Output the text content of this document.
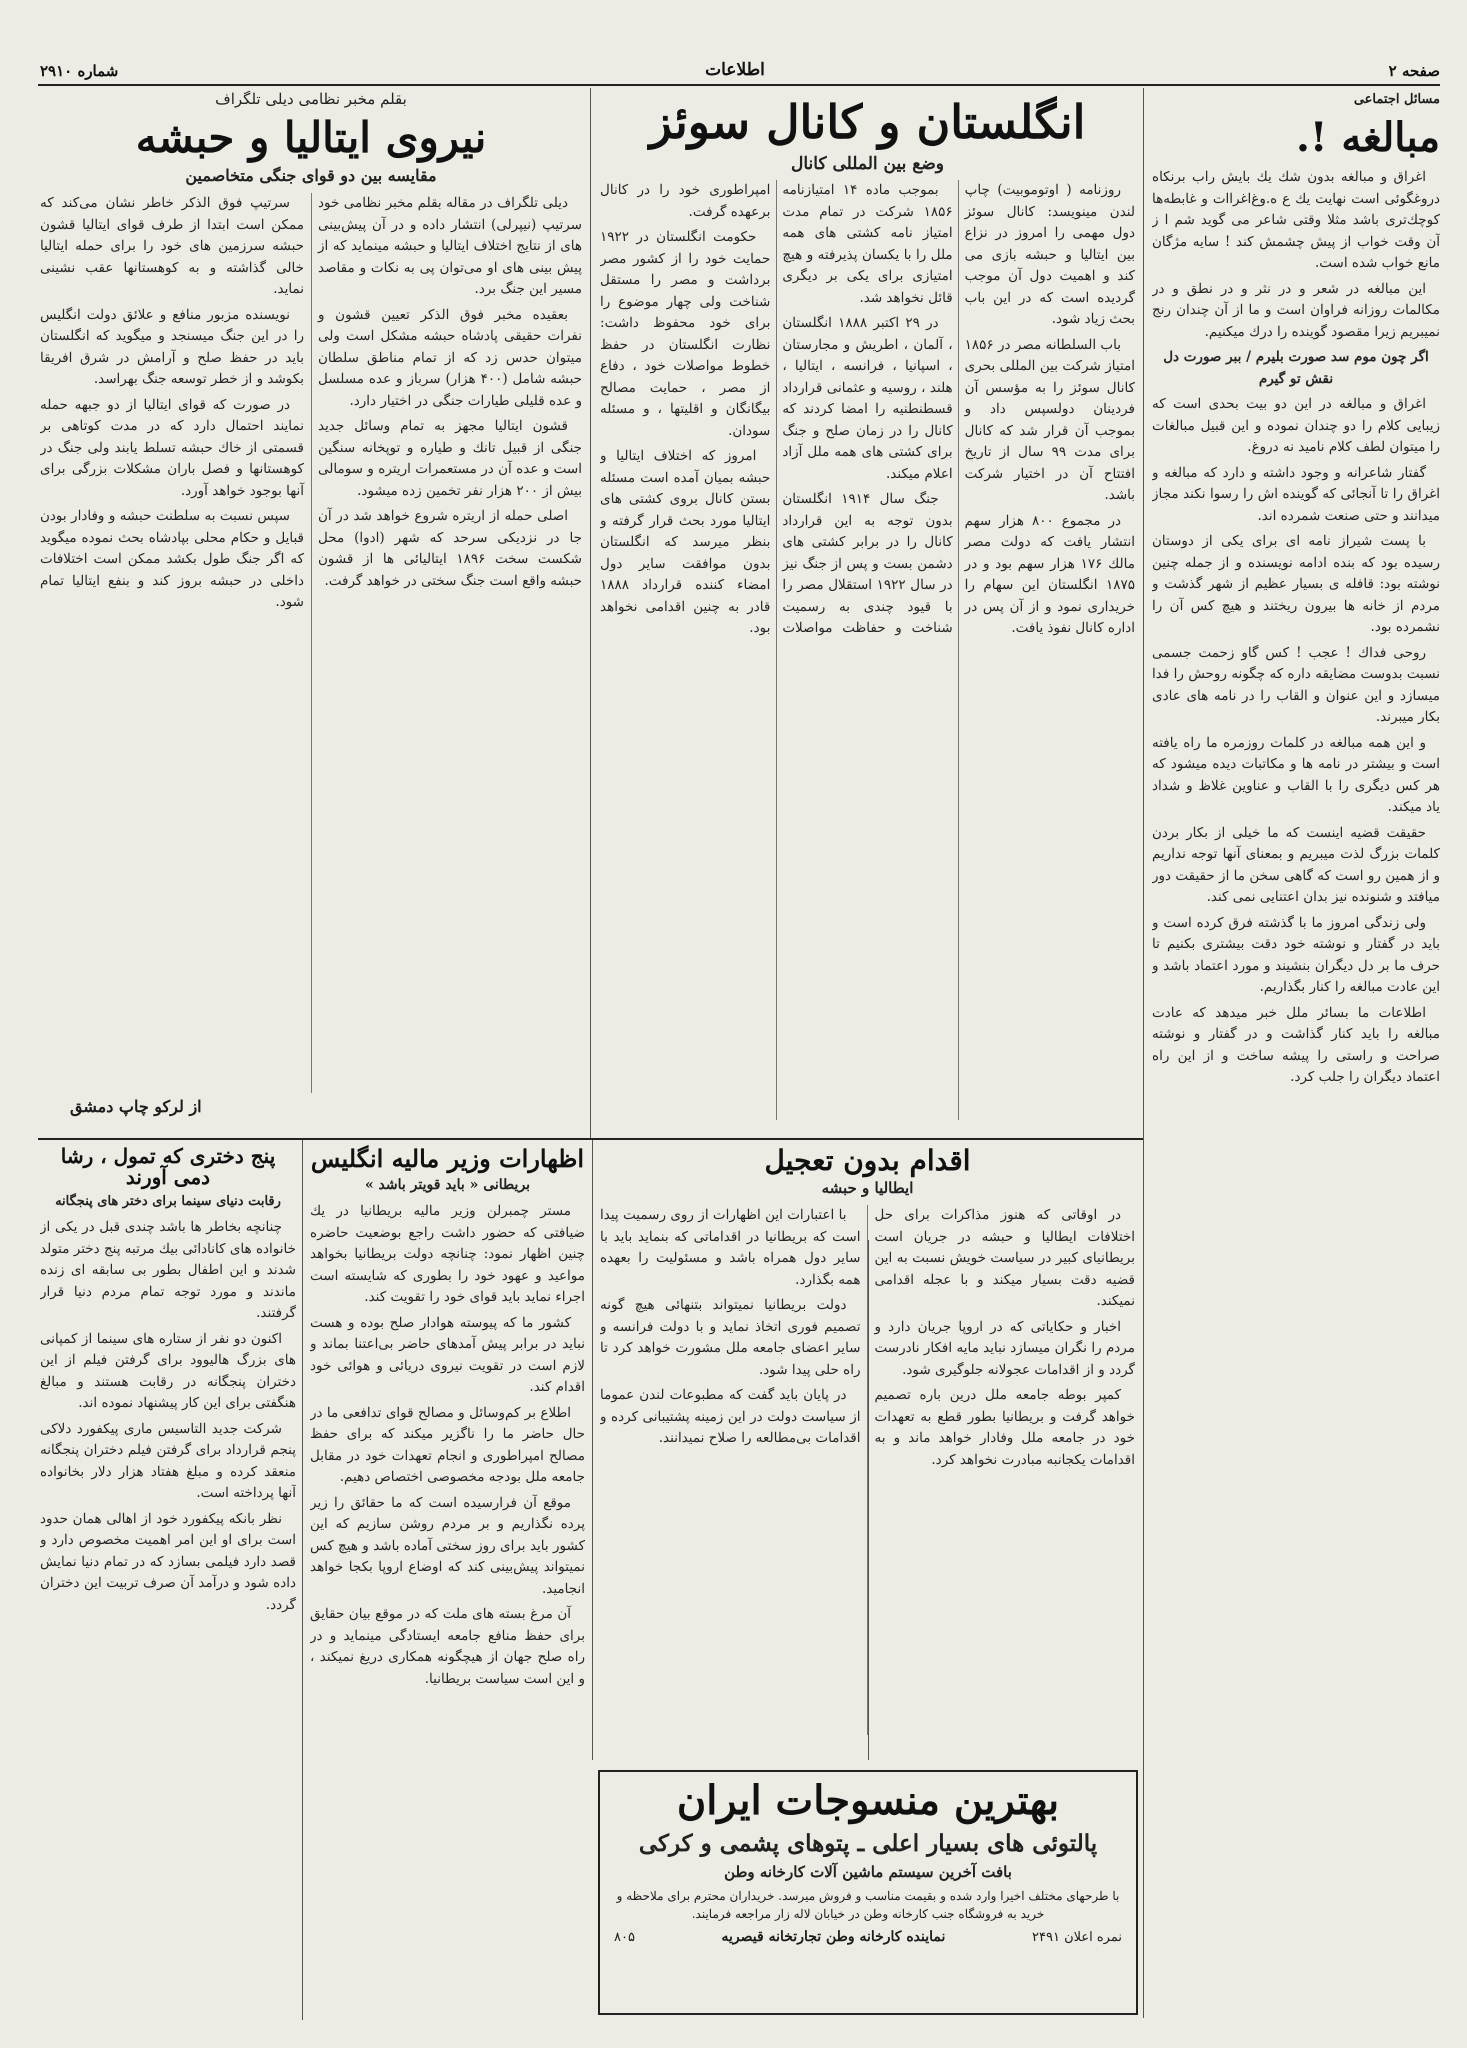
صفحه ۲
اطلاعات
شماره ۲۹۱۰
مسائل اجتماعی
مبالغه !.

اغراق و مبالغه بدون شك يك بايش راب برنكاه دروغگوئی است نهايت يك ع ه.وغ‌اغرا‌ات و غابطه‌ها كوچك‌تری باشد مثلا وقتی شاعر می گويد شم ا ز آن وقت خواب از پيش چشمش كند ! سايه مژگان مانع خواب شده است.

اين مبالغه در شعر و در نثر و در نطق و در مكالمات روزانه فراوان است و ما از آن چندان رنج نميبريم زيرا مقصود گوينده را درك ميكنيم.

اگر چون موم سد صورت بليرم / ببر صورت دل نقش تو گيرم

اغراق و مبالغه در اين دو بيت بحدی است كه زيبايی كلام را دو چندان نموده و اين قبيل مبالغات را ميتوان لطف كلام ناميد نه دروغ.

گفتار شاعرانه و وجود داشته و دارد كه مبالغه و اغراق را تا آنجائی كه گوينده اش را رسوا نكند مجاز ميدانند و حتی صنعت شمرده اند.

با پست شيراز نامه ای برای يكی از دوستان رسيده بود كه بنده ادامه نويسنده و از جمله چنين نوشته بود: قافله ی بسيار عظيم از شهر گذشت و مردم از خانه ها بيرون ريختند و هيچ كس آن را نشمرده بود.

روحی فداك ! عجب ! كس گاو زحمت جسمی نسبت بدوست مضايقه داره كه چگونه روحش را فدا ميسازد و اين عنوان و القاب را در نامه های عادی بكار ميبرند.

و اين همه مبالغه در كلمات روزمره ما راه يافته است و بيشتر در نامه ها و مكاتبات ديده ميشود كه هر كس ديگری را با القاب و عناوين غلاظ و شداد ياد ميكند.

حقيقت قضيه اينست كه ما خيلی از بكار بردن كلمات بزرگ لذت ميبريم و بمعنای آنها توجه نداريم و از همين رو است كه گاهی سخن ما از حقيقت دور ميافتد و شنونده نيز بدان اعتنايی نمی كند.

ولی زندگی امروز ما با گذشته فرق كرده است و بايد در گفتار و نوشته خود دقت بيشتری بكنيم تا حرف ما بر دل ديگران بنشيند و مورد اعتماد باشد و اين عادت مبالغه را كنار بگذاريم.

اطلاعات ما بسائر ملل خبر ميدهد كه عادت مبالغه را بايد كنار گذاشت و در گفتار و نوشته صراحت و راستی را پيشه ساخت و از اين راه اعتماد ديگران را جلب كرد.

انگلستان و کانال سوئز
وضع بین المللی کانال

روزنامه ( اوتوموبيت) چاپ لندن مينويسد: كانال سوئز دول مهمی را امروز در نزاع بين ايتاليا و حبشه بازی می كند و اهميت دول آن موجب گرديده است كه در اين باب بحث زياد شود.

باب السلطانه مصر در ۱۸۵۶ امتياز شركت بين المللی بحری كانال سوئز را به مؤسس آن فردينان دولسپس داد و بموجب آن قرار شد كه كانال برای مدت ۹۹ سال از تاريخ افتتاح آن در اختيار شركت باشد.

در مجموع ۸۰۰ هزار سهم انتشار يافت كه دولت مصر مالك ۱۷۶ هزار سهم بود و در ۱۸۷۵ انگلستان اين سهام را خريداری نمود و از آن پس در اداره كانال نفوذ يافت.

بموجب ماده ۱۴ امتيازنامه ۱۸۵۶ شركت در تمام مدت امتياز نامه كشتی های همه ملل را با يكسان پذيرفته و هيچ امتيازی برای يكی بر ديگری قائل نخواهد شد.

در ۲۹ اكتبر ۱۸۸۸ انگلستان ، آلمان ، اطريش و مجارستان ، اسپانيا ، فرانسه ، ايتاليا ، هلند ، روسيه و عثمانی قرارداد قسطنطنيه را امضا كردند كه كانال را در زمان صلح و جنگ برای كشتی های همه ملل آزاد اعلام ميكند.

جنگ سال ۱۹۱۴ انگلستان بدون توجه به اين قرارداد كانال را در برابر كشتی های دشمن بست و پس از جنگ نيز در سال ۱۹۲۲ استقلال مصر را با قيود چندی به رسميت شناخت و حفاظت مواصلات امپراطوری خود را در كانال برعهده گرفت.

حكومت انگلستان در ۱۹۲۲ حمايت خود را از كشور مصر برداشت و مصر را مستقل شناخت ولی چهار موضوع را برای خود محفوظ داشت: نظارت انگلستان در حفظ خطوط مواصلات خود ، دفاع از مصر ، حمايت مصالح بيگانگان و اقليتها ، و مسئله سودان.

امروز كه اختلاف ايتاليا و حبشه بميان آمده است مسئله بستن كانال بروی كشتی های ايتاليا مورد بحث قرار گرفته و بنظر ميرسد كه انگلستان بدون موافقت ساير دول امضاء كننده قرارداد ۱۸۸۸ قادر به چنين اقدامی نخواهد بود.

بقلم مخبر نظامی دیلی تلگراف
نیروی ایتالیا و حبشه
مقایسه بین دو قوای جنگی متخاصمین

ديلی تلگراف در مقاله بقلم مخبر نظامی خود سرتيپ (نيپرلی) انتشار داده و در آن پيش‌بينی های از نتايج اختلاف ايتاليا و حبشه مينمايد كه از پيش بينی های او می‌توان پی به نكات و مقاصد مسير اين جنگ برد.

بعقيده مخبر فوق الذكر تعيين قشون و نفرات حقيقی پادشاه حبشه مشكل است ولی ميتوان حدس زد كه از تمام مناطق سلطان حبشه شامل (۴۰۰ هزار) سرباز و عده مسلسل و عده قليلی طيارات جنگی در اختيار دارد.

قشون ايتاليا مجهز به تمام وسائل جديد جنگی از قبيل تانك و طياره و توپخانه سنگين است و عده آن در مستعمرات اريتره و سومالی بيش از ۲۰۰ هزار نفر تخمين زده ميشود.

اصلی حمله از اريتره شروع خواهد شد در آن جا در نزديكی سرحد كه شهر (ادوا) محل شكست سخت ۱۸۹۶ ايتاليائی ها از قشون حبشه واقع است جنگ سختی در خواهد گرفت.

سرتيپ فوق الذكر خاطر نشان می‌كند كه ممكن است ابتدا از طرف قوای ايتاليا قشون حبشه سرزمين های خود را برای حمله ايتاليا خالی گذاشته و به كوهستانها عقب نشينی نمايد.

نويسنده مزبور منافع و علائق دولت انگليس را در اين جنگ ميسنجد و ميگويد كه انگلستان بايد در حفظ صلح و آرامش در شرق افريقا بكوشد و از خطر توسعه جنگ بهراسد.

در صورت كه قوای ايتاليا از دو جبهه حمله نمايند احتمال دارد كه در مدت كوتاهی بر قسمتی از خاك حبشه تسلط يابند ولی جنگ در كوهستانها و فصل باران مشكلات بزرگی برای آنها بوجود خواهد آورد.

سپس نسبت به سلطنت حبشه و وفادار بودن قبايل و حكام محلی بپادشاه بحث نموده ميگويد كه اگر جنگ طول بكشد ممكن است اختلافات داخلی در حبشه بروز كند و بنفع ايتاليا تمام شود.

از لركو چاپ دمشق
اقدام بدون تعجیل
ایطالیا و حبشه

در اوقاتی كه هنوز مذاكرات برای حل اختلافات ايطاليا و حبشه در جريان است بريطانيای كبير در سياست خويش نسبت به اين قضيه دقت بسيار ميكند و با عجله اقدامی نميكند.

اخبار و حكاياتی كه در اروپا جريان دارد و مردم را نگران ميسازد نبايد مايه افكار نادرست گردد و از اقدامات عجولانه جلوگيری شود.

كمپر بوطه جامعه ملل درين باره تصميم خواهد گرفت و بريطانيا بطور قطع به تعهدات خود در جامعه ملل وفادار خواهد ماند و به اقدامات يكجانبه مبادرت نخواهد كرد.

با اعتبارات اين اظهارات از روی رسميت پيدا است كه بريطانيا در اقداماتی كه بنمايد بايد با ساير دول همراه باشد و مسئوليت را بعهده همه بگذارد.

دولت بريطانيا نميتواند بتنهائی هيچ گونه تصميم فوری اتخاذ نمايد و با دولت فرانسه و ساير اعضای جامعه ملل مشورت خواهد كرد تا راه حلی پيدا شود.

در پايان بايد گفت كه مطبوعات لندن عموما از سياست دولت در اين زمينه پشتيبانی كرده و اقدامات بی‌مطالعه را صلاح نميدانند.

اظهارات وزیر مالیه انگلیس
بریطانی « باید قویتر باشد »

مستر چمبرلن وزير ماليه بريطانيا در يك ضيافتی كه حضور داشت راجع بوضعيت حاضره چنين اظهار نمود: چنانچه دولت بريطانيا بخواهد مواعيد و عهود خود را بطوری كه شايسته است اجراء نمايد بايد قوای خود را تقويت كند.

كشور ما كه پيوسته هوادار صلح بوده و هست نبايد در برابر پيش آمدهای حاضر بی‌اعتنا بماند و لازم است در تقويت نيروی دريائی و هوائی خود اقدام كند.

اطلاع بر كم‌وسائل و مصالح قوای تدافعی ما در حال حاضر ما را ناگزير ميكند كه برای حفظ مصالح امپراطوری و انجام تعهدات خود در مقابل جامعه ملل بودجه مخصوصی اختصاص دهيم.

موقع آن فرارسيده است كه ما حقائق را زير پرده نگذاريم و بر مردم روشن سازيم كه اين كشور بايد برای روز سختی آماده باشد و هيچ كس نميتواند پيش‌بينی كند كه اوضاع اروپا بكجا خواهد انجاميد.

آن مرغ بسته های ملت كه در موقع بيان حقايق برای حفظ منافع جامعه ايستادگی مينمايد و در راه صلح جهان از هيچگونه همكاری دريغ نميكند ، و اين است سياست بريطانيا.

پنج دختری که تمول ، رشا دمی آورند
رقابت دنيای سينما برای دختر های پنجگانه

چنانچه بخاطر ها باشد چندی قبل در يكی از خانواده های كانادائی بيك مرتبه پنج دختر متولد شدند و اين اطفال بطور بی سابقه ای زنده ماندند و مورد توجه تمام مردم دنيا قرار گرفتند.

اكنون دو نفر از ستاره های سينما از كمپانی های بزرگ هاليوود برای گرفتن فيلم از اين دختران پنجگانه در رقابت هستند و مبالغ هنگفتی برای اين كار پيشنهاد نموده اند.

شركت جديد التاسيس ماری پيكفورد دلاكی پنجم قرارداد برای گرفتن فيلم دختران پنجگانه منعقد كرده و مبلغ هفتاد هزار دلار بخانواده آنها پرداخته است.

نظر بانكه پيكفورد خود از اهالی همان حدود است برای او اين امر اهميت مخصوص دارد و قصد دارد فيلمی بسازد كه در تمام دنيا نمايش داده شود و درآمد آن صرف تربيت اين دختران گردد.

بهترین منسوجات ایران
پالتوئی های بسیار اعلی ـ پتوهای پشمی و کرکی
بافت آخرین سیستم ماشین آلات کارخانه وطن
با طرحهای مختلف اخیرا وارد شده و بقیمت مناسب و فروش ميرسد. خريداران محترم برای ملاحظه و خريد به فروشگاه جنب كارخانه وطن در خيابان لاله زار مراجعه فرمايند.
نمره اعلان ۲۴۹۱
نماینده کارخانه وطن تجارتخانه قیصریه
۸۰۵
